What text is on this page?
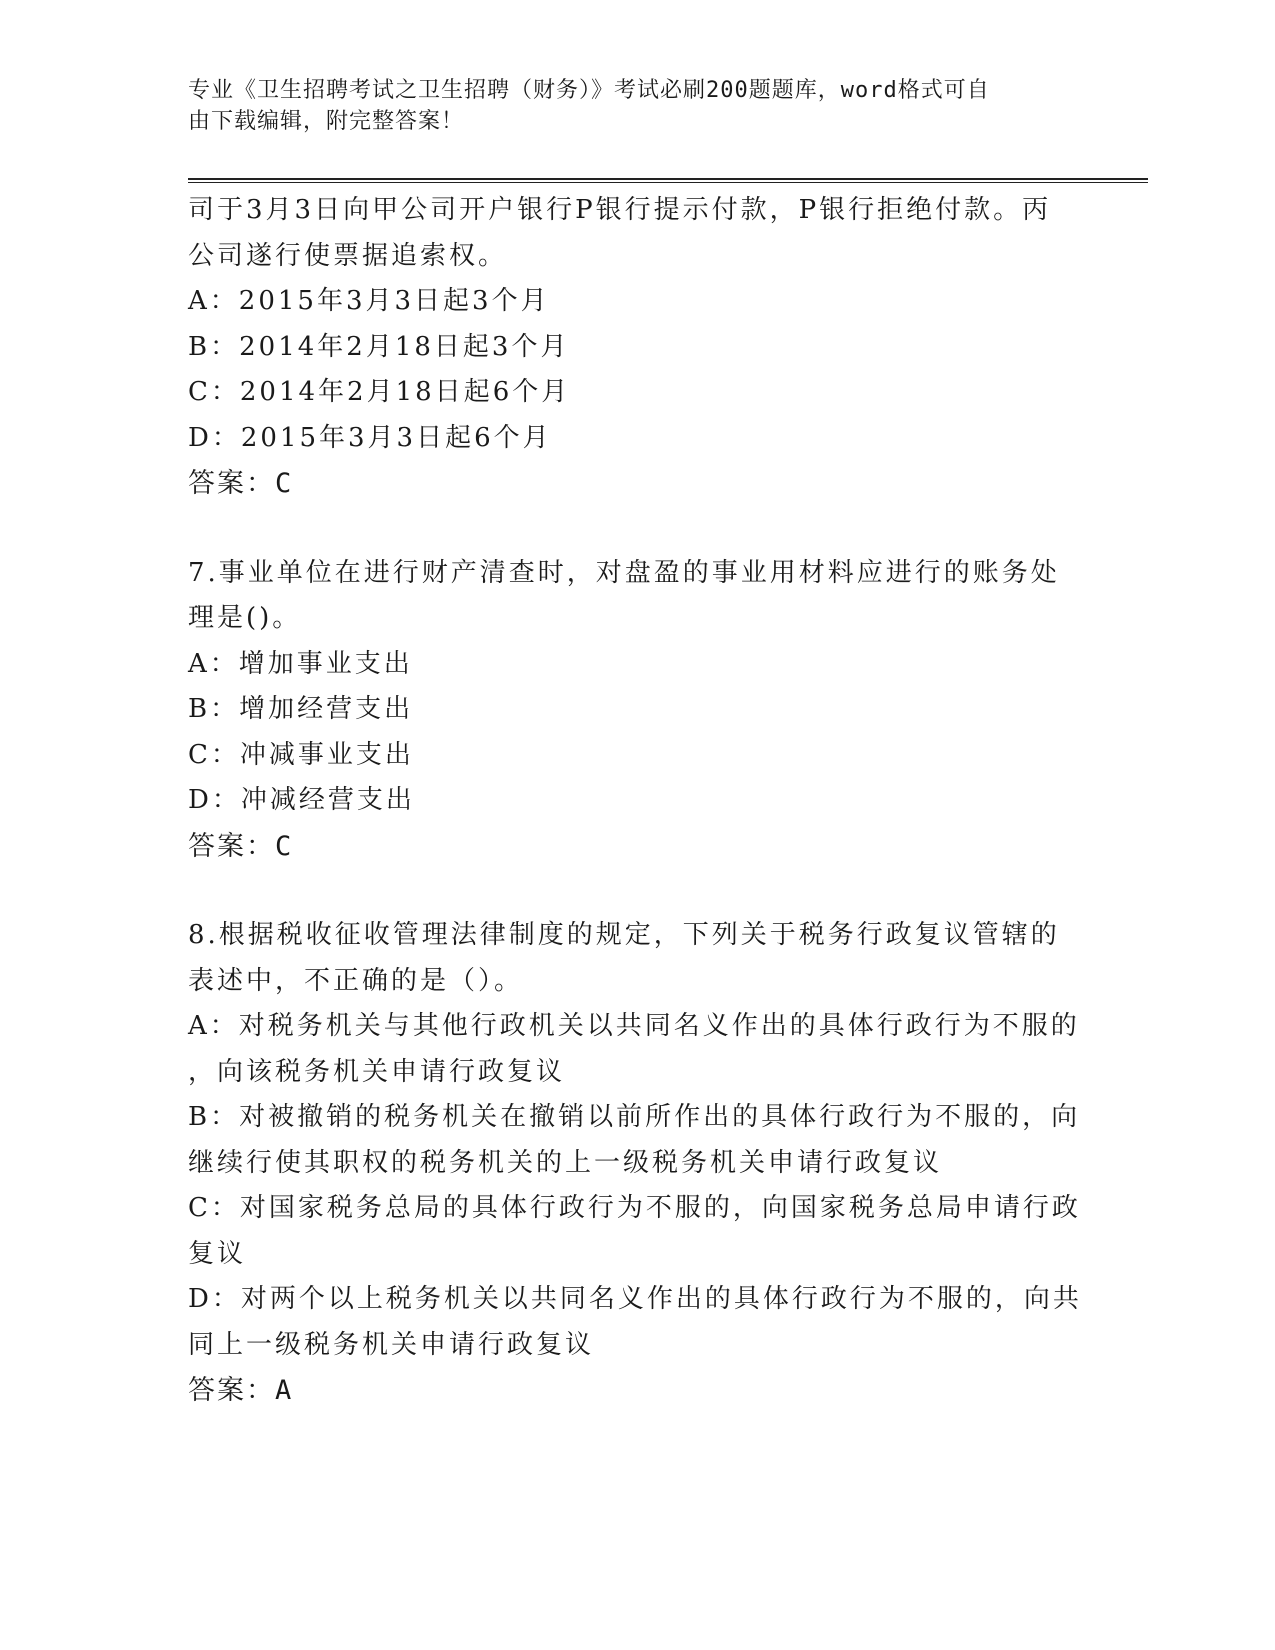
专业《卫生招聘考试之卫生招聘（财务）》考试必刷200题题库，word格式可自
由下载编辑，附完整答案！
司于3月3日向甲公司开户银行P银行提示付款，P银行拒绝付款。丙
公司遂行使票据追索权。
A：2015年3月3日起3个月
B：2014年2月18日起3个月
C：2014年2月18日起6个月
D：2015年3月3日起6个月
答案：C
7.事业单位在进行财产清查时，对盘盈的事业用材料应进行的账务处
理是()。
A：增加事业支出
B：增加经营支出
C：冲减事业支出
D：冲减经营支出
答案：C
8.根据税收征收管理法律制度的规定，下列关于税务行政复议管辖的
表述中，不正确的是（）。
A：对税务机关与其他行政机关以共同名义作出的具体行政行为不服的
，向该税务机关申请行政复议
B：对被撤销的税务机关在撤销以前所作出的具体行政行为不服的，向
继续行使其职权的税务机关的上一级税务机关申请行政复议
C：对国家税务总局的具体行政行为不服的，向国家税务总局申请行政
复议
D：对两个以上税务机关以共同名义作出的具体行政行为不服的，向共
同上一级税务机关申请行政复议
答案：A
